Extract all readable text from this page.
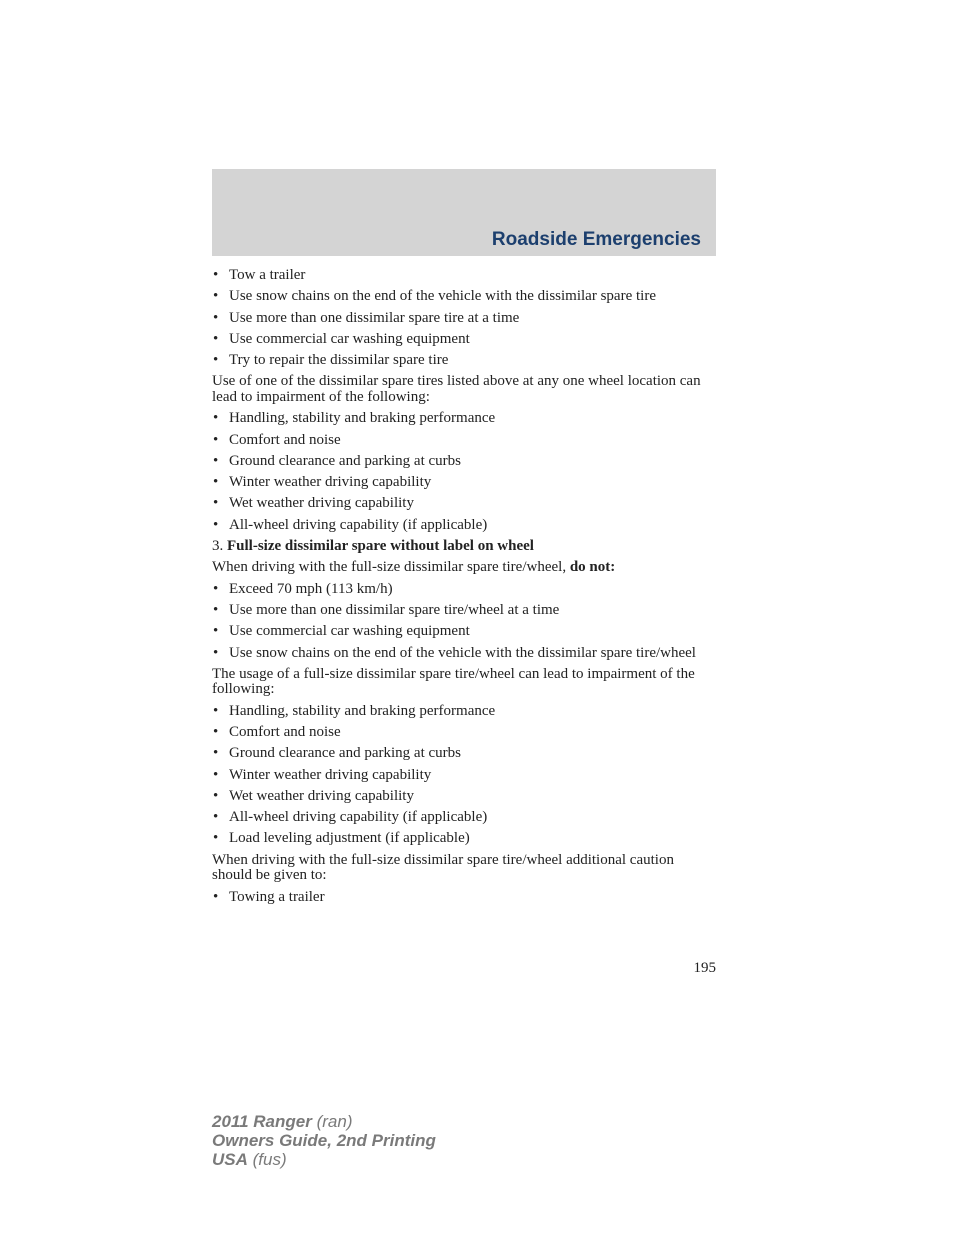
Roadside Emergencies
• Tow a trailer
• Use snow chains on the end of the vehicle with the dissimilar spare tire
• Use more than one dissimilar spare tire at a time
• Use commercial car washing equipment
• Try to repair the dissimilar spare tire

Use of one of the dissimilar spare tires listed above at any one wheel location can lead to impairment of the following:

• Handling, stability and braking performance
• Comfort and noise
• Ground clearance and parking at curbs
• Winter weather driving capability
• Wet weather driving capability
• All-wheel driving capability (if applicable)

3. Full-size dissimilar spare without label on wheel

When driving with the full-size dissimilar spare tire/wheel, do not:

• Exceed 70 mph (113 km/h)
• Use more than one dissimilar spare tire/wheel at a time
• Use commercial car washing equipment
• Use snow chains on the end of the vehicle with the dissimilar spare tire/wheel

The usage of a full-size dissimilar spare tire/wheel can lead to impairment of the following:

• Handling, stability and braking performance
• Comfort and noise
• Ground clearance and parking at curbs
• Winter weather driving capability
• Wet weather driving capability
• All-wheel driving capability (if applicable)
• Load leveling adjustment (if applicable)

When driving with the full-size dissimilar spare tire/wheel additional caution should be given to:

• Towing a trailer
195
2011 Ranger (ran)
Owners Guide, 2nd Printing
USA (fus)
